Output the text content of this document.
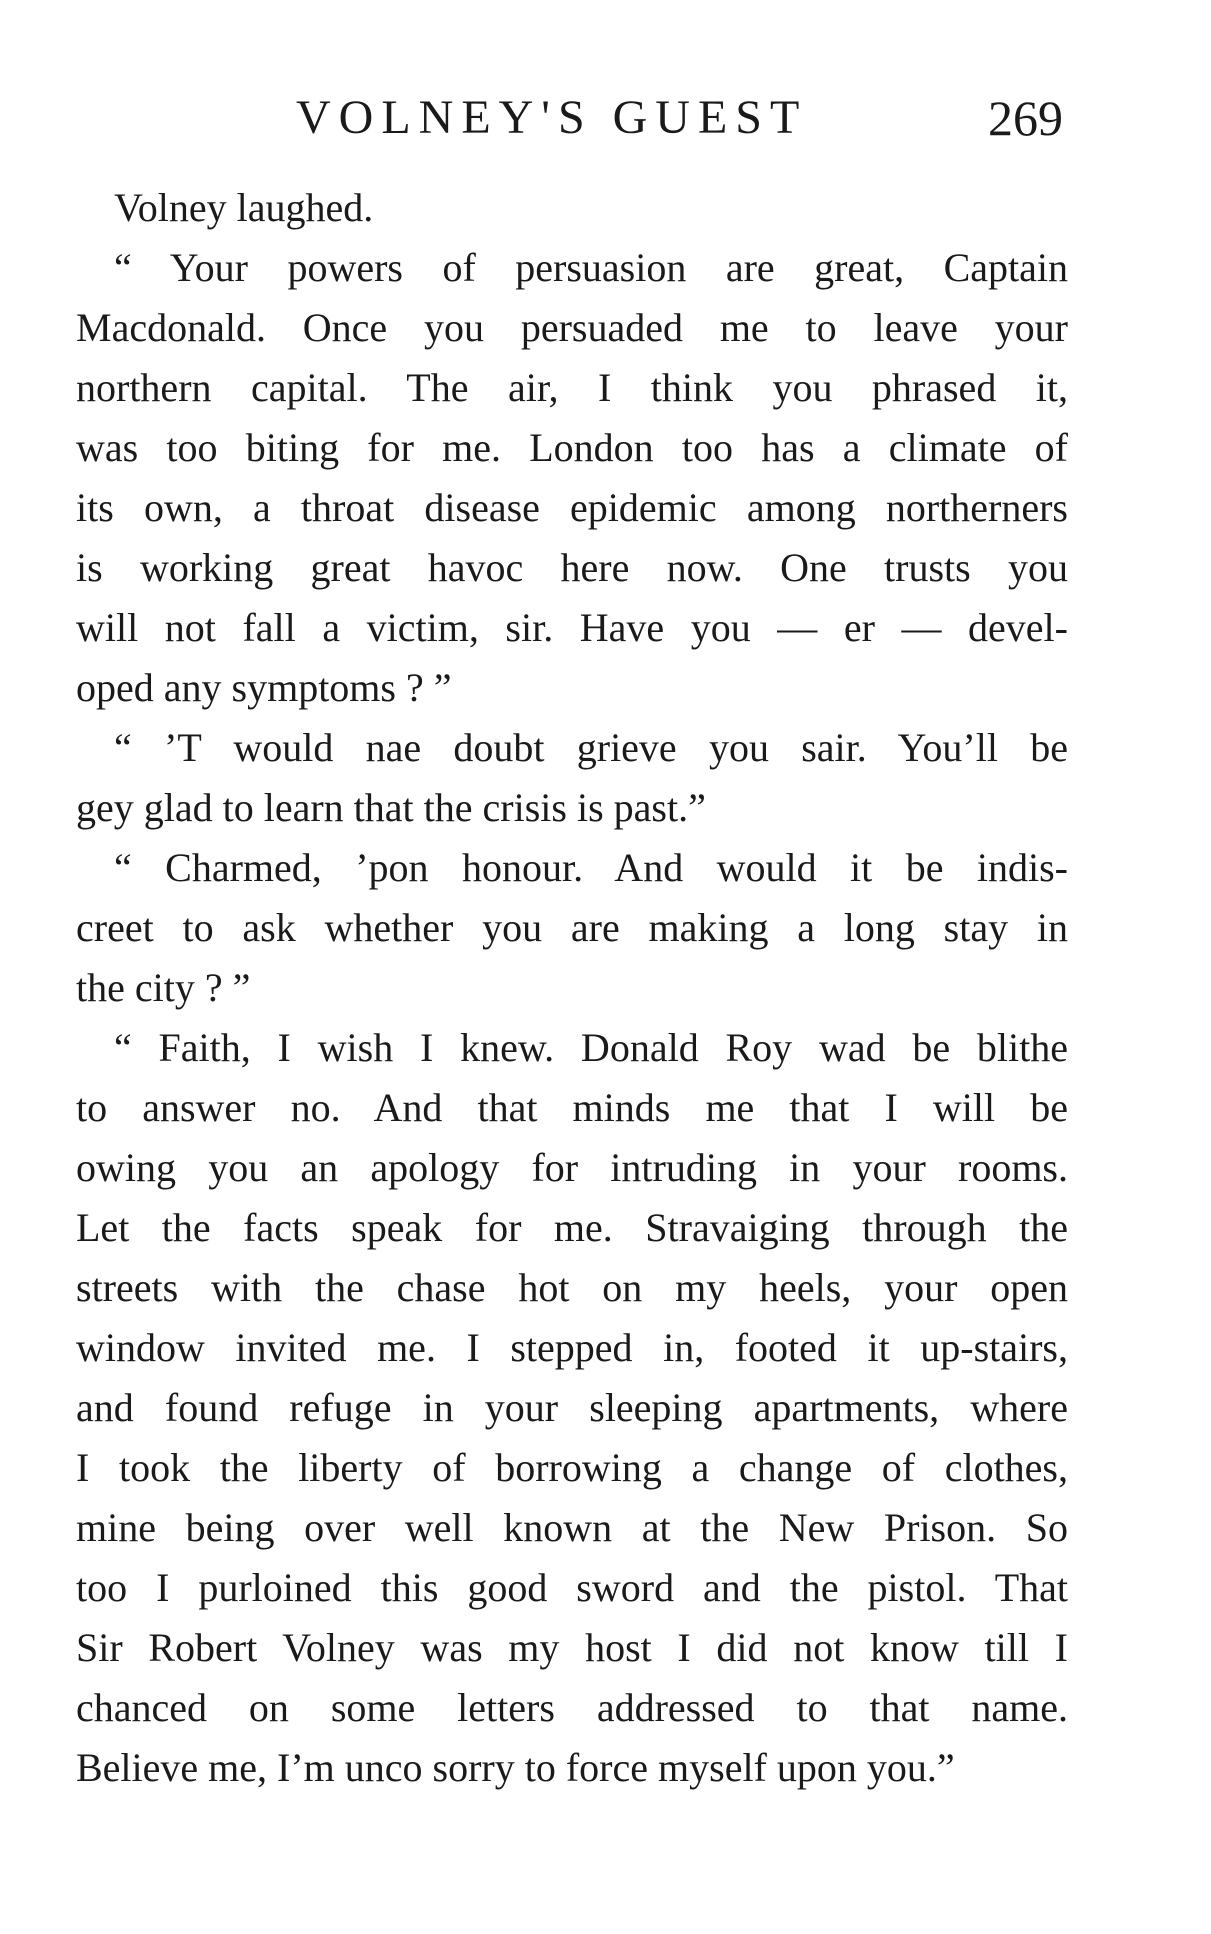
VOLNEY'S GUEST	269
Volney laughed.
“ Your powers of persuasion are great, Captain
Macdonald. Once you persuaded me to leave your
northern capital. The air, I think you phrased it,
was too biting for me. London too has a climate of
its own, a throat disease epidemic among northerners
is working great havoc here now. One trusts you
will not fall a victim, sir. Have you — er — devel-
oped any symptoms ? ”
“ ’T would nae doubt grieve you sair. You’ll be
gey glad to learn that the crisis is past.”
“ Charmed, ’pon honour. And would it be indis-
creet to ask whether you are making a long stay in
the city ? ”
“ Faith, I wish I knew. Donald Roy wad be blithe
to answer no. And that minds me that I will be
owing you an apology for intruding in your rooms.
Let the facts speak for me. Stravaiging through the
streets with the chase hot on my heels, your open
window invited me. I stepped in, footed it up-stairs,
and found refuge in your sleeping apartments, where
I took the liberty of borrowing a change of clothes,
mine being over well known at the New Prison. So
too I purloined this good sword and the pistol. That
Sir Robert Volney was my host I did not know till I
chanced on some letters addressed to that name.
Believe me, I’m unco sorry to force myself upon you.”
